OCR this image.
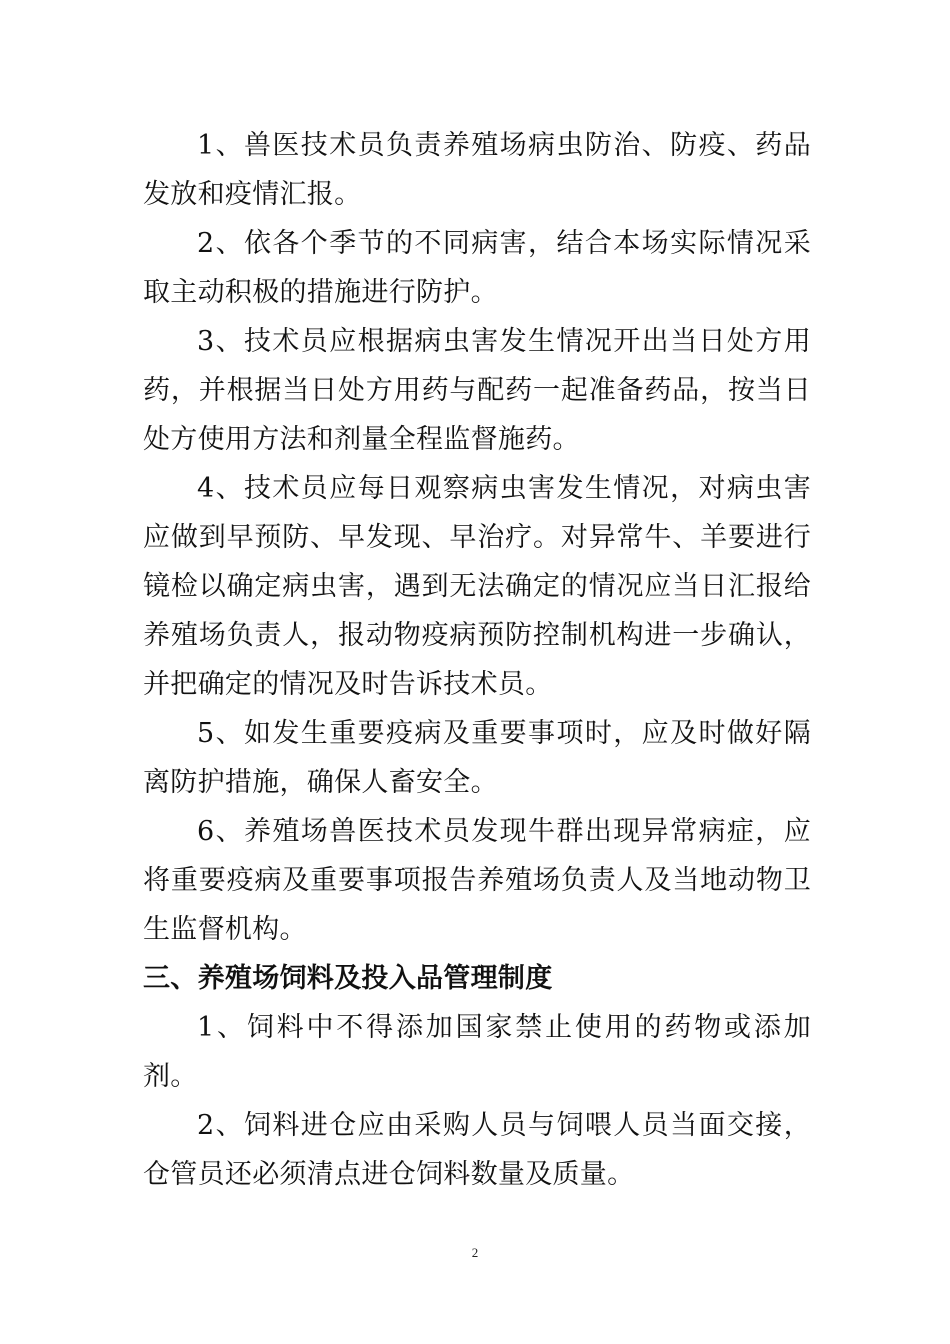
1、兽医技术员负责养殖场病虫防治、防疫、药品发放和疫情汇报。

2、依各个季节的不同病害，结合本场实际情况采取主动积极的措施进行防护。

3、技术员应根据病虫害发生情况开出当日处方用药，并根据当日处方用药与配药一起准备药品，按当日处方使用方法和剂量全程监督施药。

4、技术员应每日观察病虫害发生情况，对病虫害应做到早预防、早发现、早治疗。对异常牛、羊要进行镜检以确定病虫害，遇到无法确定的情况应当日汇报给养殖场负责人，报动物疫病预防控制机构进一步确认，并把确定的情况及时告诉技术员。

5、如发生重要疫病及重要事项时，应及时做好隔离防护措施，确保人畜安全。

6、养殖场兽医技术员发现牛群出现异常病症，应将重要疫病及重要事项报告养殖场负责人及当地动物卫生监督机构。

三、养殖场饲料及投入品管理制度

1、饲料中不得添加国家禁止使用的药物或添加剂。

2、饲料进仓应由采购人员与饲喂人员当面交接，仓管员还必须清点进仓饲料数量及质量。

2
